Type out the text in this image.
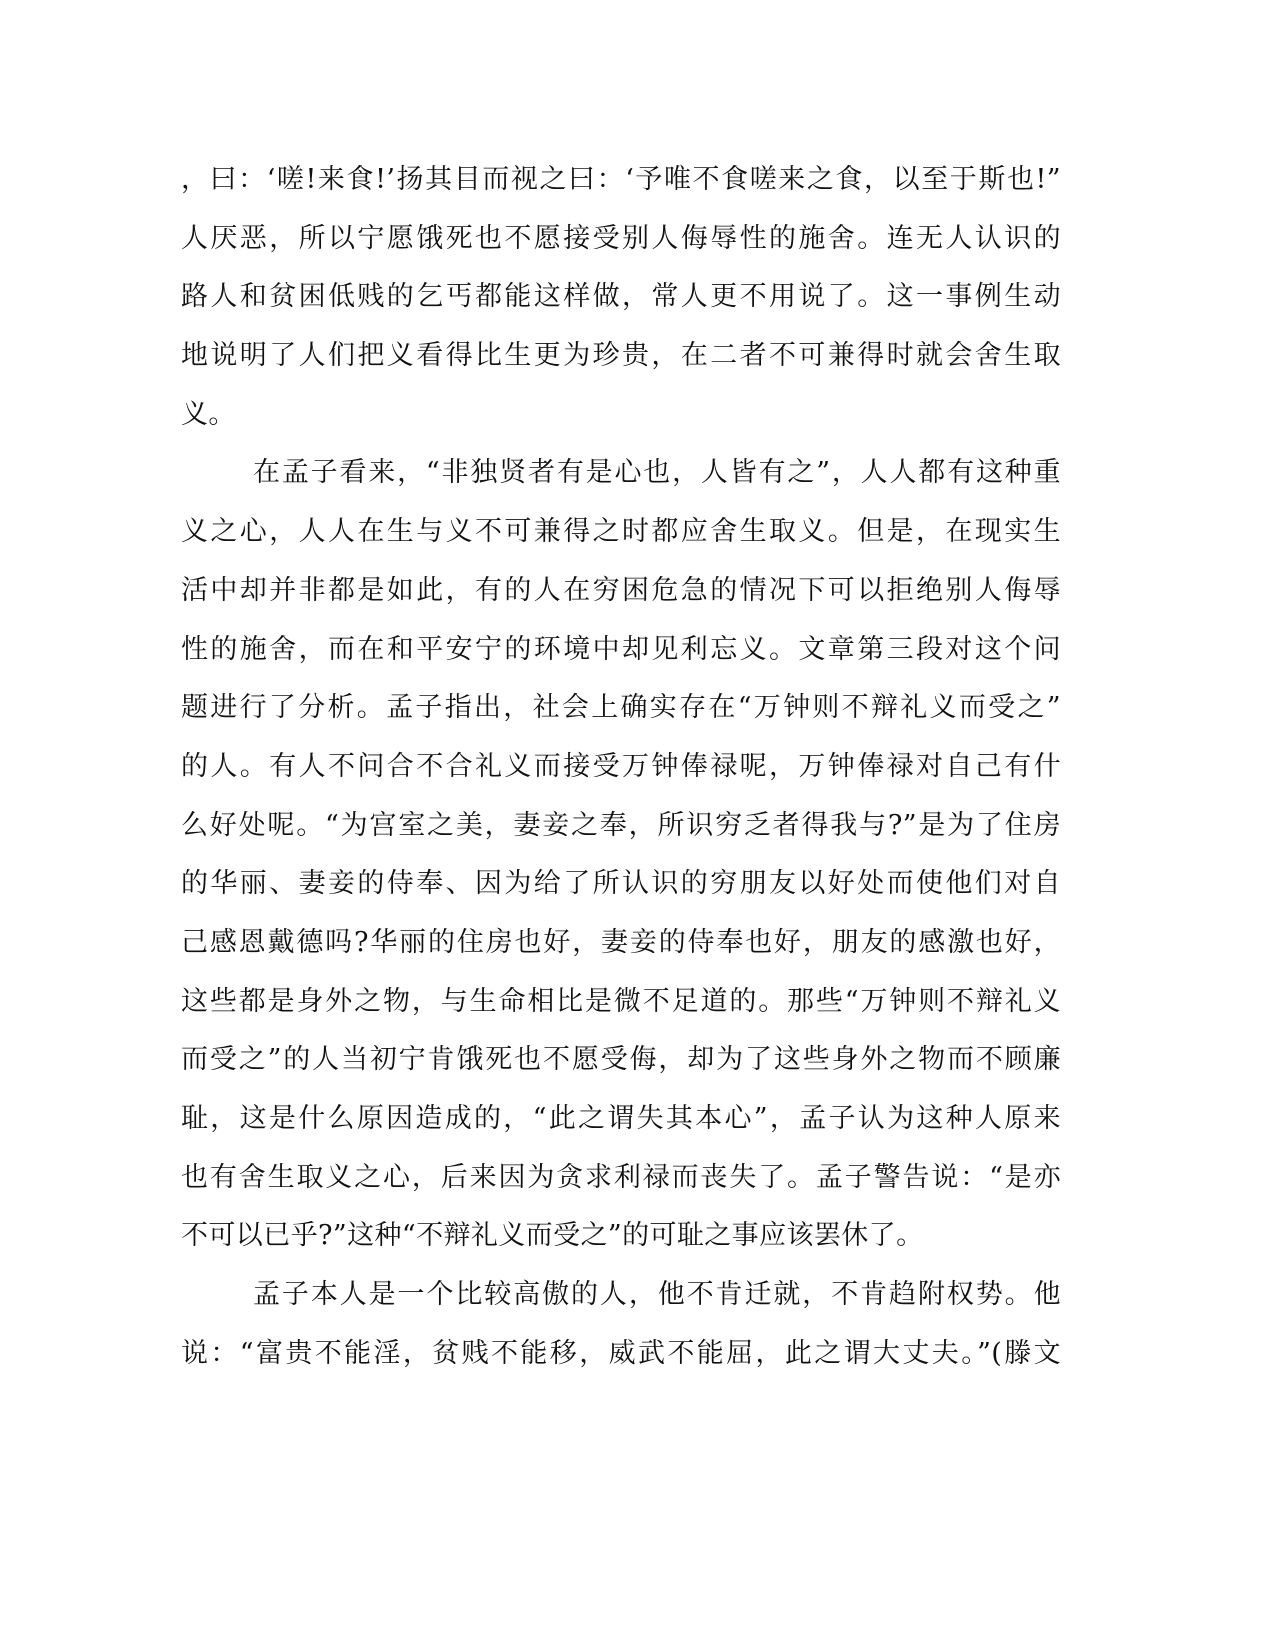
，曰：‘嗟!来食!’扬其目而视之曰：‘予唯不食嗟来之食，以至于斯也!”
人厌恶，所以宁愿饿死也不愿接受别人侮辱性的施舍。连无人认识的
路人和贫困低贱的乞丐都能这样做，常人更不用说了。这一事例生动
地说明了人们把义看得比生更为珍贵，在二者不可兼得时就会舍生取
义。
在孟子看来，“非独贤者有是心也，人皆有之”，人人都有这种重
义之心，人人在生与义不可兼得之时都应舍生取义。但是，在现实生
活中却并非都是如此，有的人在穷困危急的情况下可以拒绝别人侮辱
性的施舍，而在和平安宁的环境中却见利忘义。文章第三段对这个问
题进行了分析。孟子指出，社会上确实存在“万钟则不辩礼义而受之”
的人。有人不问合不合礼义而接受万钟俸禄呢，万钟俸禄对自己有什
么好处呢。“为宫室之美，妻妾之奉，所识穷乏者得我与?”是为了住房
的华丽、妻妾的侍奉、因为给了所认识的穷朋友以好处而使他们对自
己感恩戴德吗?华丽的住房也好，妻妾的侍奉也好，朋友的感激也好，
这些都是身外之物，与生命相比是微不足道的。那些“万钟则不辩礼义
而受之”的人当初宁肯饿死也不愿受侮，却为了这些身外之物而不顾廉
耻，这是什么原因造成的，“此之谓失其本心”，孟子认为这种人原来
也有舍生取义之心，后来因为贪求利禄而丧失了。孟子警告说：“是亦
不可以已乎?”这种“不辩礼义而受之”的可耻之事应该罢休了。
孟子本人是一个比较高傲的人，他不肯迁就，不肯趋附权势。他
说：“富贵不能淫，贫贱不能移，威武不能屈，此之谓大丈夫。”(滕文
